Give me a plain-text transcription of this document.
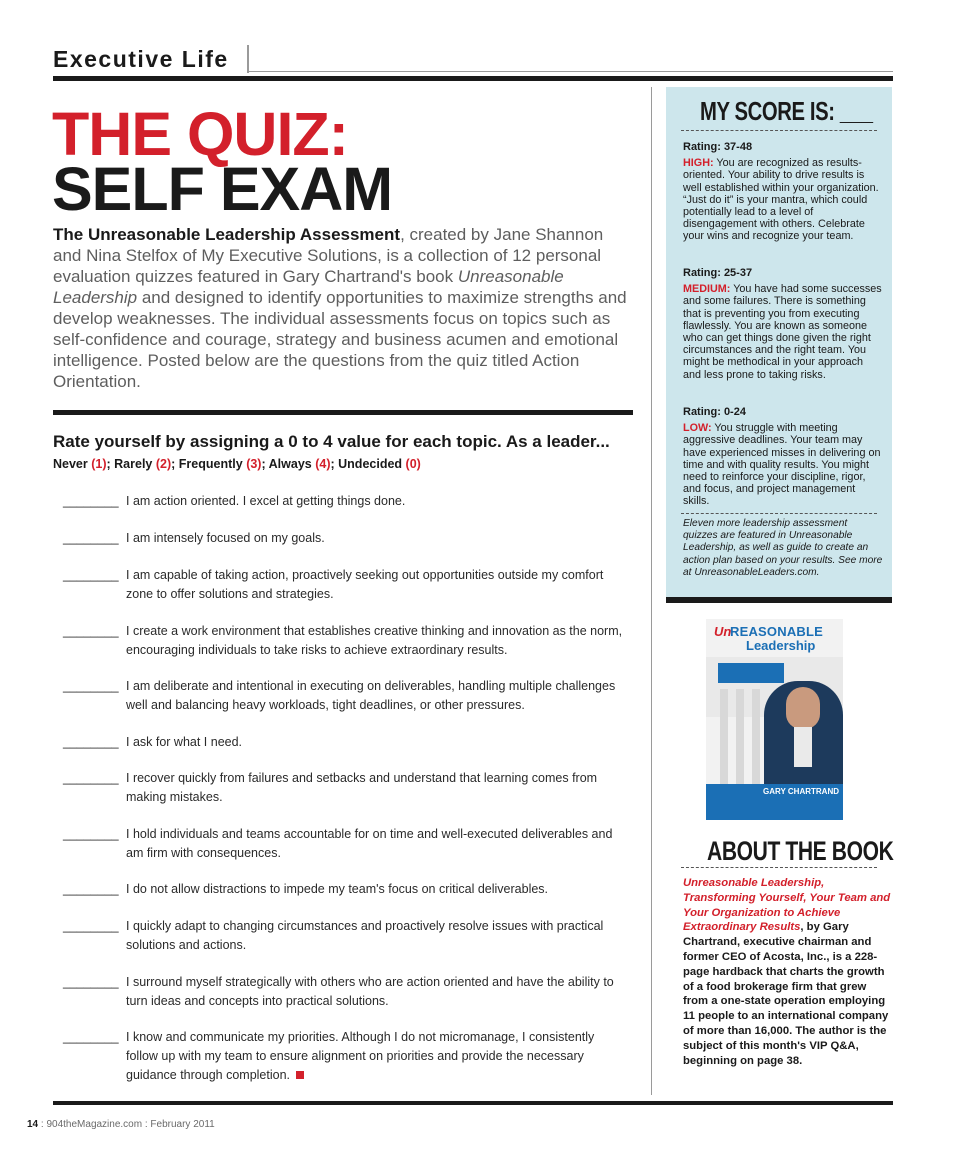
Executive Life
THE QUIZ:
SELF EXAM

The Unreasonable Leadership Assessment, created by Jane Shannon and Nina Stelfox of My Executive Solutions, is a collection of 12 personal evaluation quizzes featured in Gary Chartrand's book Unreasonable Leadership and designed to identify opportunities to maximize strengths and develop weaknesses. The individual assessments focus on topics such as self-confidence and courage, strategy and business acumen and emotional intelligence. Posted below are the questions from the quiz titled Action Orientation.

Rate yourself by assigning a 0 to 4 value for each topic. As a leader...
Never (1); Rarely (2); Frequently (3); Always (4); Undecided (0)
________ I am action oriented. I excel at getting things done.
________ I am intensely focused on my goals.
________ I am capable of taking action, proactively seeking out opportunities outside my comfort zone to offer solutions and strategies.
________ I create a work environment that establishes creative thinking and innovation as the norm, encouraging individuals to take risks to achieve extraordinary results.
________ I am deliberate and intentional in executing on deliverables, handling multiple challenges well and balancing heavy workloads, tight deadlines, or other pressures.
________ I ask for what I need.
________ I recover quickly from failures and setbacks and understand that learning comes from making mistakes.
________ I hold individuals and teams accountable for on time and well-executed deliverables and am firm with consequences.
________ I do not allow distractions to impede my team's focus on critical deliverables.
________ I quickly adapt to changing circumstances and proactively resolve issues with practical solutions and actions.
________ I surround myself strategically with others who are action oriented and have the ability to turn ideas and concepts into practical solutions.
________ I know and communicate my priorities. Although I do not micromanage, I consistently follow up with my team to ensure alignment on priorities and provide the necessary guidance through completion.
MY SCORE IS: ___
Rating: 37-48
HIGH: You are recognized as results-oriented. Your ability to drive results is well established within your organization. “Just do it” is your mantra, which could potentially lead to a level of disengagement with others. Celebrate your wins and recognize your team.
Rating: 25-37
MEDIUM: You have had some successes and some failures. There is something that is preventing you from executing flawlessly. You are known as someone who can get things done given the right circumstances and the right team. You might be methodical in your approach and less prone to taking risks.
Rating: 0-24
LOW: You struggle with meeting aggressive deadlines. Your team may have experienced misses in delivering on time and with quality results. You might need to reinforce your discipline, rigor, and focus, and project management skills.
Eleven more leadership assessment quizzes are featured in Unreasonable Leadership, as well as guide to create an action plan based on your results. See more at UnreasonableLeaders.com.
Un
REASONABLE
Leadership
GARY CHARTRAND
ABOUT THE BOOK

Unreasonable Leadership, Transforming Yourself, Your Team and Your Organization to Achieve Extraordinary Results, by Gary Chartrand, executive chairman and former CEO of Acosta, Inc., is a 228-page hardback that charts the growth of a food brokerage firm that grew from a one-state operation employing 11 people to an international company of more than 16,000. The author is the subject of this month's VIP Q&A, beginning on page 38.

14 : 904theMagazine.com : February 2011
